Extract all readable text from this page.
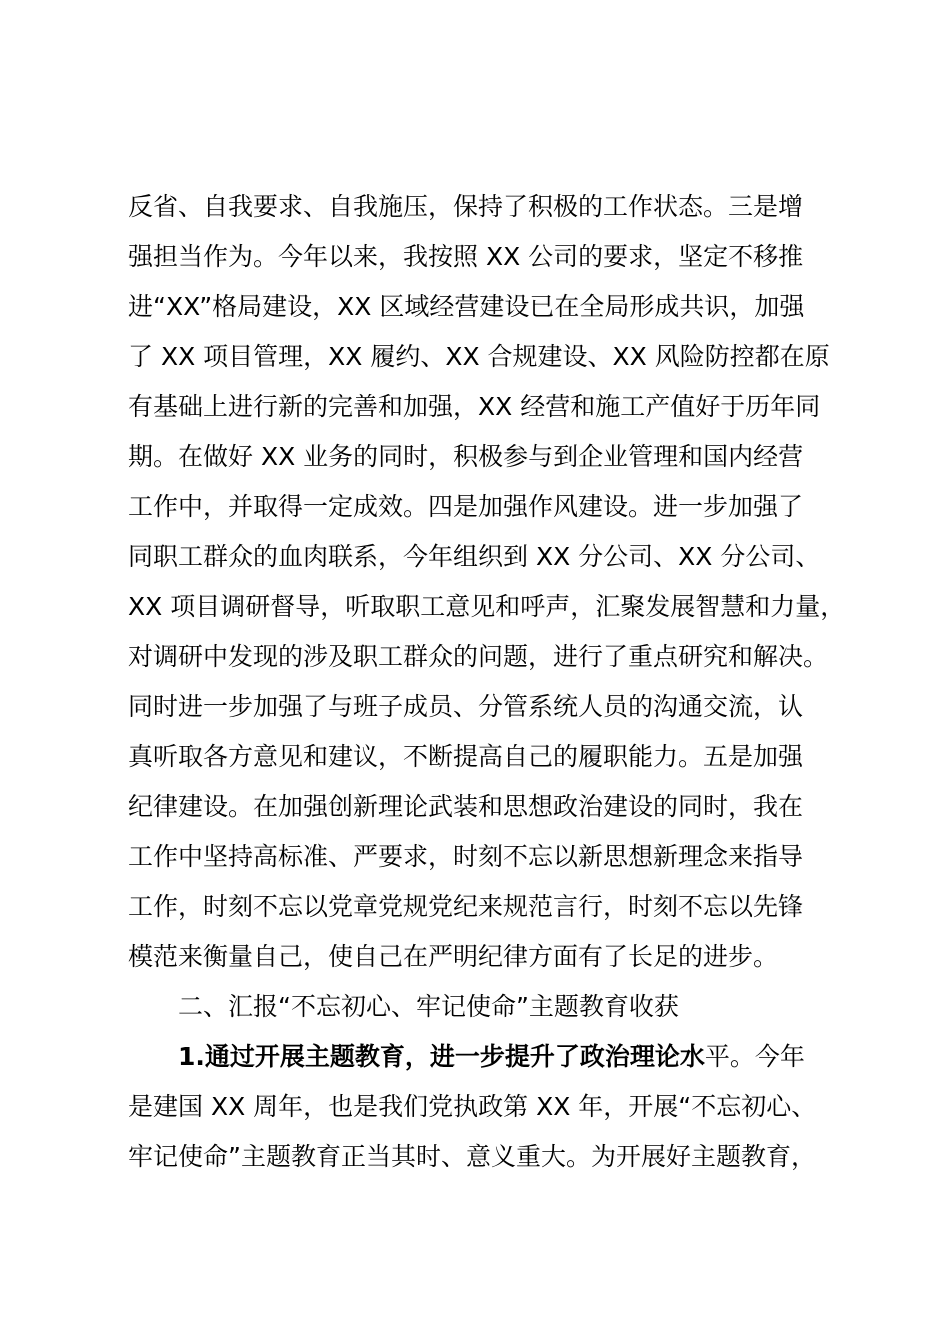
反省、自我要求、自我施压，保持了积极的工作状态。三是增
强担当作为。今年以来，我按照 XX 公司的要求，坚定不移推
进“XX”格局建设，XX 区域经营建设已在全局形成共识，加强
了 XX 项目管理，XX 履约、XX 合规建设、XX 风险防控都在原
有基础上进行新的完善和加强，XX 经营和施工产值好于历年同
期。在做好 XX 业务的同时，积极参与到企业管理和国内经营
工作中，并取得一定成效。四是加强作风建设。进一步加强了
同职工群众的血肉联系，今年组织到 XX 分公司、XX 分公司、
XX 项目调研督导，听取职工意见和呼声，汇聚发展智慧和力量，
对调研中发现的涉及职工群众的问题，进行了重点研究和解决。
同时进一步加强了与班子成员、分管系统人员的沟通交流，认
真听取各方意见和建议，不断提高自己的履职能力。五是加强
纪律建设。在加强创新理论武装和思想政治建设的同时，我在
工作中坚持高标准、严要求，时刻不忘以新思想新理念来指导
工作，时刻不忘以党章党规党纪来规范言行，时刻不忘以先锋
模范来衡量自己，使自己在严明纪律方面有了长足的进步。
二、汇报“不忘初心、牢记使命”主题教育收获
1.通过开展主题教育，进一步提升了政治理论水 平。今年
是建国 XX 周年，也是我们党执政第 XX 年，开展“不忘初心、
牢记使命”主题教育正当其时、意义重大。为开展好主题教育，
